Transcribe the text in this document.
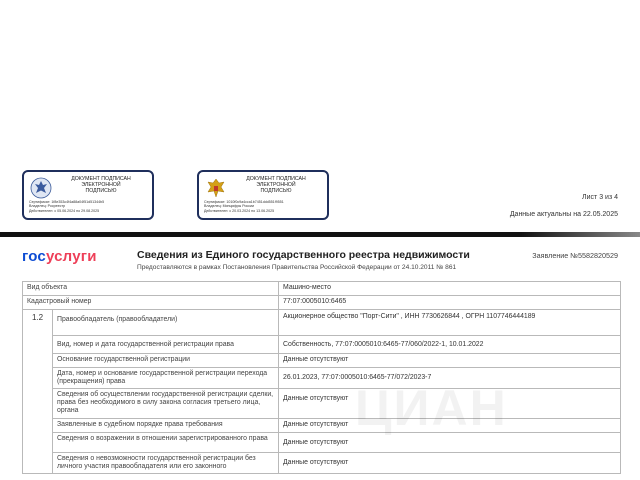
ДОКУМЕНТ ПОДПИСАН
ЭЛЕКТРОННОЙ
ПОДПИСЬЮ
Сертификат: 1f8e353c4f4a88a04f51d51344b5
Владелец: Росреестр
Действителен: с 05.06.2024 по 29.08.2025
ДОКУМЕНТ ПОДПИСАН
ЭЛЕКТРОННОЙ
ПОДПИСЬЮ
Сертификат: 1010f0c9a4cca1b7451ddd551f9551
Владелец: Минцифры России
Действителен: с 20.03.2024 по 13.06.2025
Лист 3 из 4
Данные актуальны на 22.05.2025
госуслуги	Сведения из Единого государственного реестра недвижимости
Предоставляются в рамках Постановления Правительства Российской Федерации от 24.10.2011 № 861
Заявление №5582820529
Вид объекта		Машино-место
Кадастровый номер		77:07:0005010:6465
1.2	Правообладатель (правообладатели)	Акционерное общество "Порт-Сити" , ИНН 7730626844 , ОГРН 1107746444189
	Вид, номер и дата государственной регистрации права	Собственность, 77:07:0005010:6465-77/060/2022-1, 10.01.2022
	Основание государственной регистрации	Данные отсутствуют
	Дата, номер и основание государственной регистрации перехода (прекращения) права	26.01.2023, 77:07:0005010:6465-77/072/2023-7
	Сведения об осуществлении государственной регистрации сделки, права без необходимого в силу закона согласия третьего лица, органа	Данные отсутствуют
	Заявленные в судебном порядке права требования	Данные отсутствуют
	Сведения о возражении в отношении зарегистрированного права	Данные отсутствуют
	Сведения о невозможности государственной регистрации без личного участия правообладателя или его законного	Данные отсутствуют
ЦИАН
